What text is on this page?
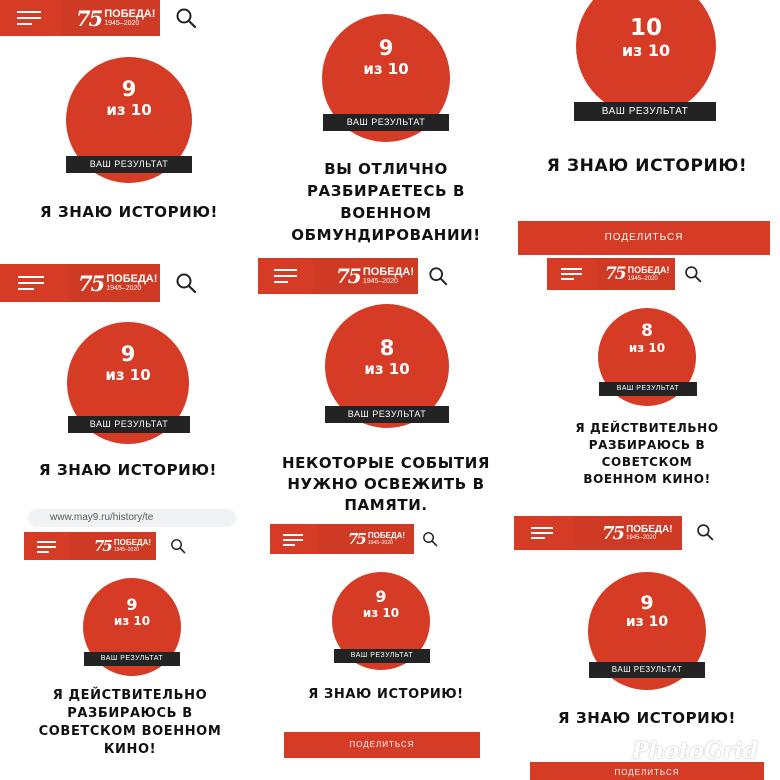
75 ПОБЕДА!
1945–2020
9
из 10
ВАШ РЕЗУЛЬТАТ
Я ЗНАЮ ИСТОРИЮ!
9
из 10
ВАШ РЕЗУЛЬТАТ
ВЫ ОТЛИЧНО РАЗБИРАЕТЕСЬ В ВОЕННОМ ОБМУНДИРОВАНИИ!
10
из 10
ВАШ РЕЗУЛЬТАТ
Я ЗНАЮ ИСТОРИЮ!
ПОДЕЛИТЬСЯ
75 ПОБЕДА!
1945–2020
9
из 10
ВАШ РЕЗУЛЬТАТ
Я ЗНАЮ ИСТОРИЮ!
75 ПОБЕДА!
1945–2020
8
из 10
ВАШ РЕЗУЛЬТАТ
НЕКОТОРЫЕ СОБЫТИЯ НУЖНО ОСВЕЖИТЬ В ПАМЯТИ.
75 ПОБЕДА!
1945–2020
8
из 10
ВАШ РЕЗУЛЬТАТ
Я ДЕЙСТВИТЕЛЬНО РАЗБИРАЮСЬ В СОВЕТСКОМ ВОЕННОМ КИНО!
75 ПОБЕДА!
1945–2020
9
из 10
ВАШ РЕЗУЛЬТАТ
Я ДЕЙСТВИТЕЛЬНО РАЗБИРАЮСЬ В СОВЕТСКОМ ВОЕННОМ КИНО!
www.may9.ru/history/te
75 ПОБЕДА!
1945–2020
9
из 10
ВАШ РЕЗУЛЬТАТ
Я ЗНАЮ ИСТОРИЮ!
ПОДЕЛИТЬСЯ
75 ПОБЕДА!
1945–2020
9
из 10
ВАШ РЕЗУЛЬТАТ
Я ЗНАЮ ИСТОРИЮ!
ПОДЕЛИТЬСЯ
PhotoGrid
